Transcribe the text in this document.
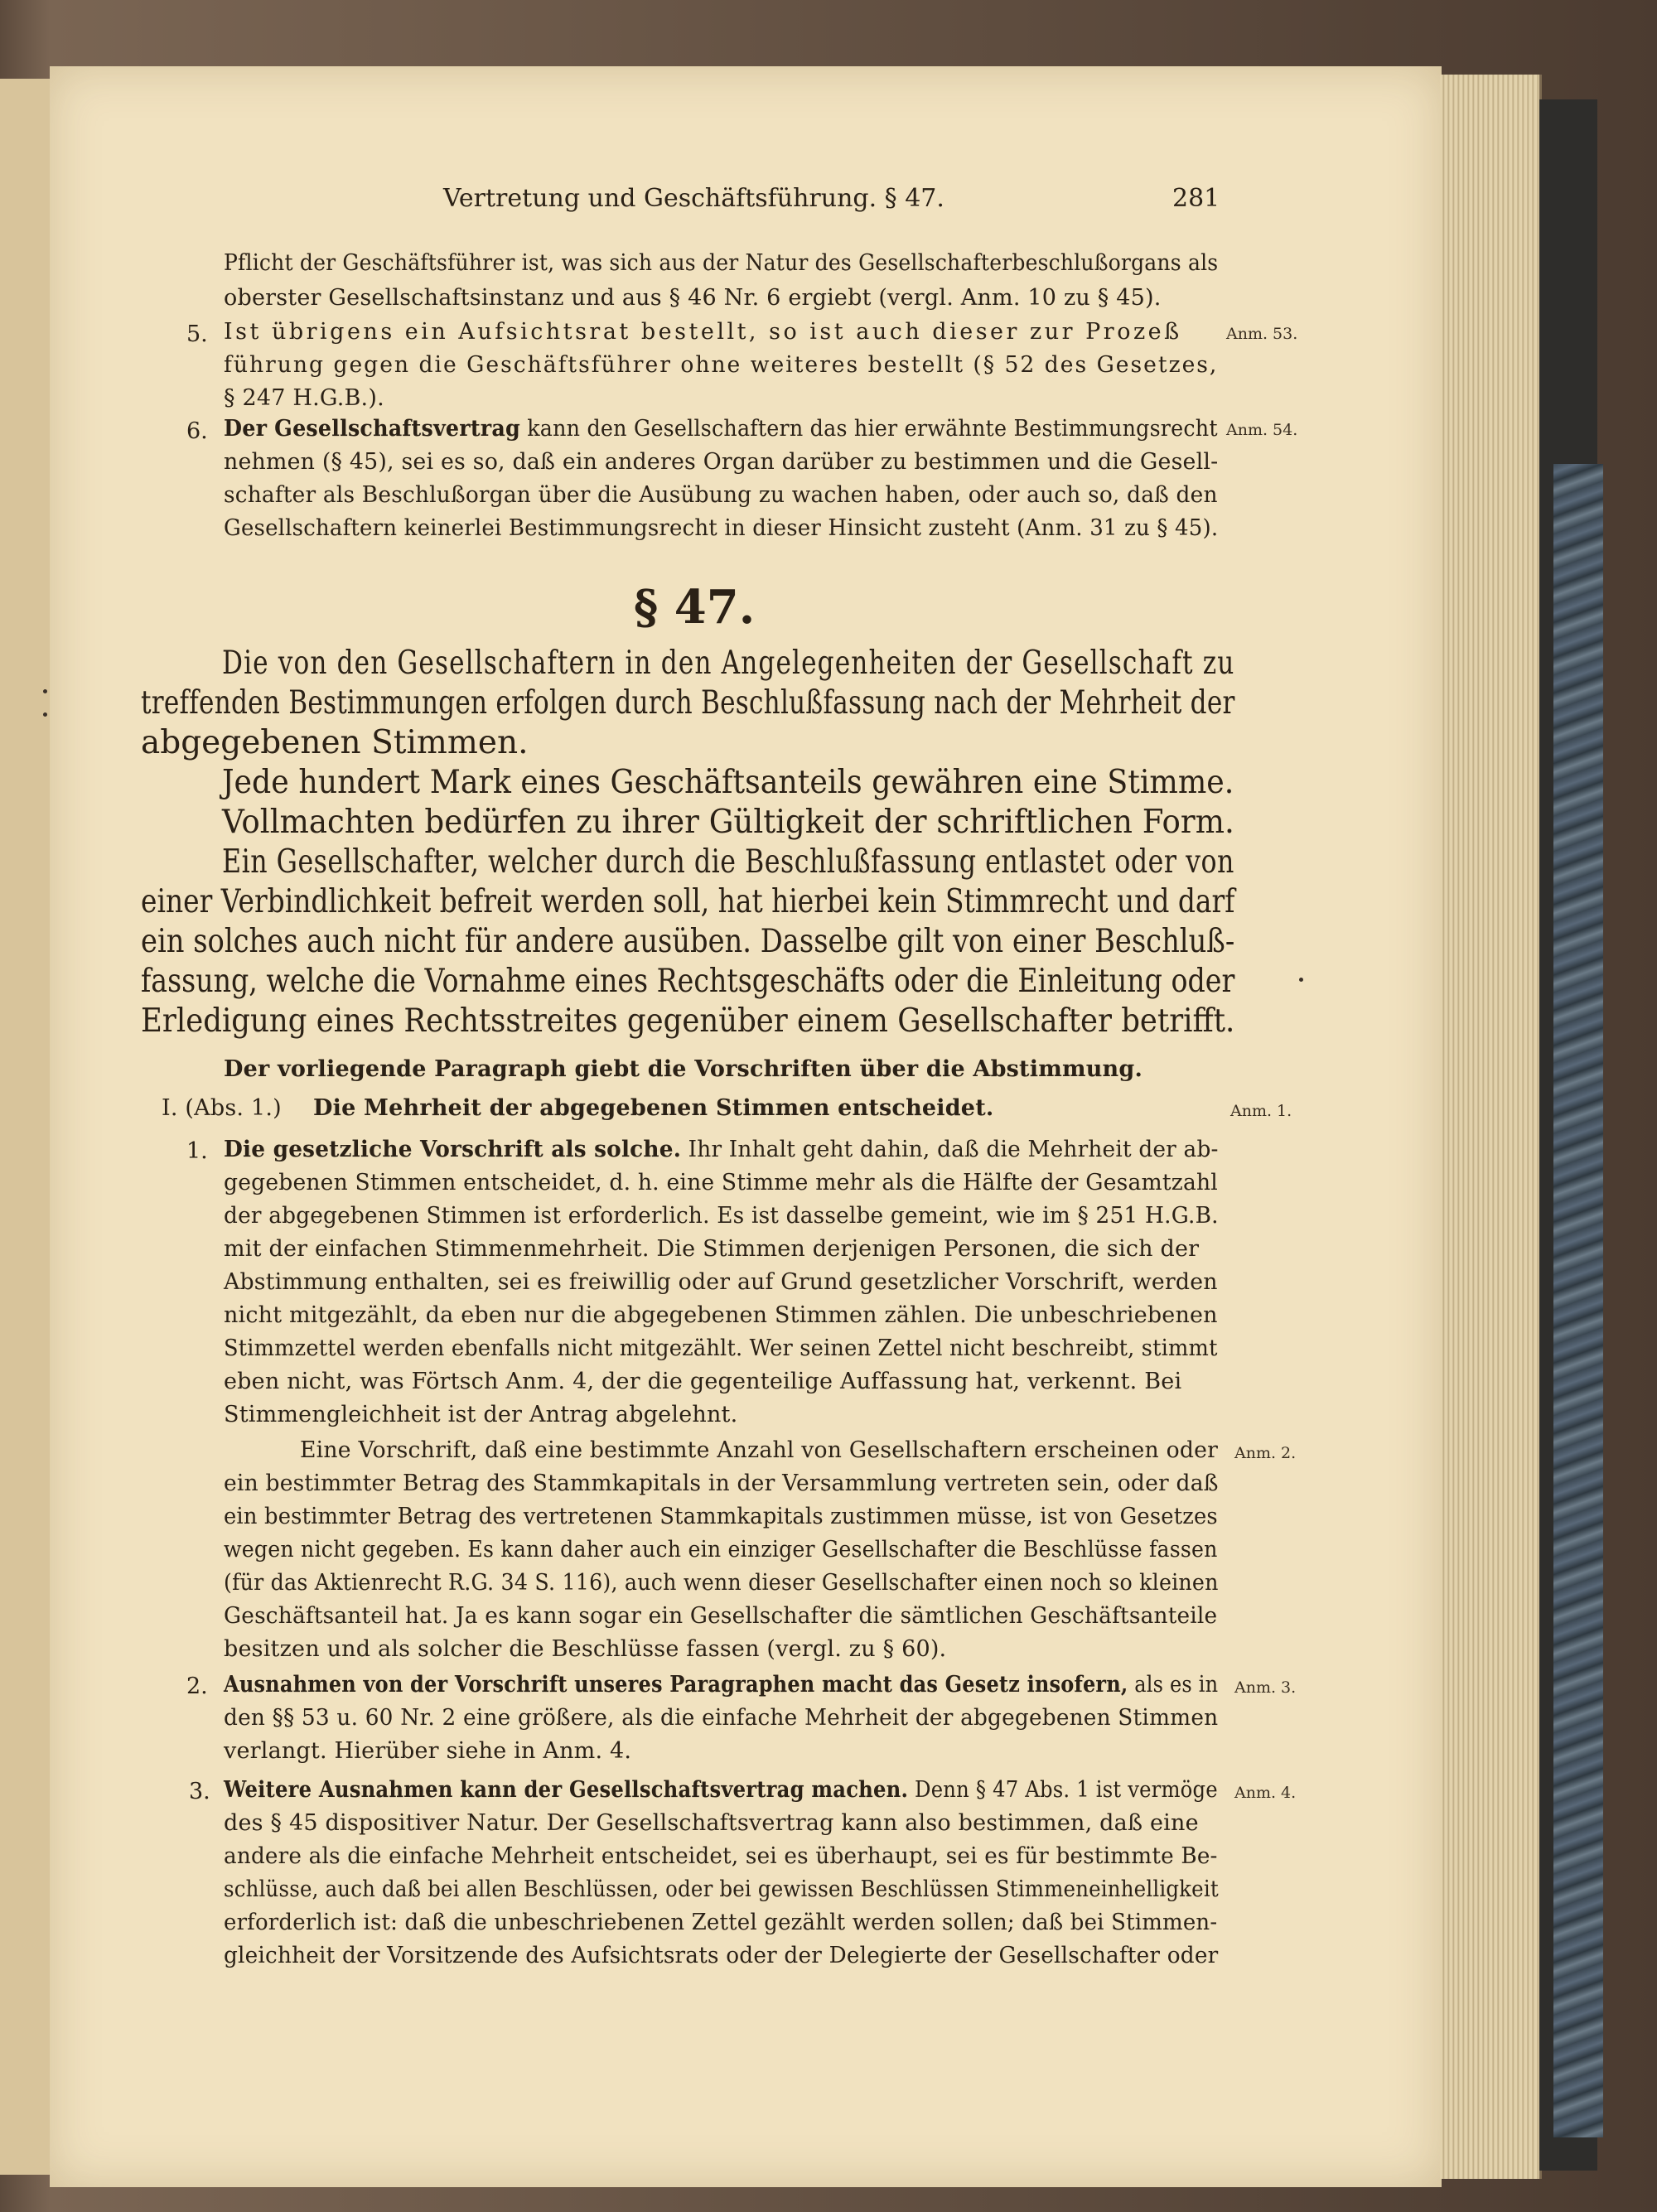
Vertretung und Geschäftsführung. § 47.	281
Pflicht der Geschäftsführer ist, was sich aus der Natur des Gesellschafterbeschlußorgans als
oberster Gesellschaftsinstanz und aus § 46 Nr. 6 ergiebt (vergl. Anm. 10 zu § 45).
5. Ist übrigens ein Aufsichtsrat bestellt, so ist auch dieser zur Prozeß	Anm. 53.
führung gegen die Geschäftsführer ohne weiteres bestellt (§ 52 des Gesetzes,
§ 247 H.G.B.).
6. Der Gesellschaftsvertrag kann den Gesellschaftern das hier erwähnte Bestimmungsrecht Anm. 54.
nehmen (§ 45), sei es so, daß ein anderes Organ darüber zu bestimmen und die Gesell-
schafter als Beschlußorgan über die Ausübung zu wachen haben, oder auch so, daß den
Gesellschaftern keinerlei Bestimmungsrecht in dieser Hinsicht zusteht (Anm. 31 zu § 45).
§ 47.
Die von den Gesellschaftern in den Angelegenheiten der Gesellschaft zu
treffenden Bestimmungen erfolgen durch Beschlußfassung nach der Mehrheit der
abgegebenen Stimmen.
Jede hundert Mark eines Geschäftsanteils gewähren eine Stimme.
Vollmachten bedürfen zu ihrer Gültigkeit der schriftlichen Form.
Ein Gesellschafter, welcher durch die Beschlußfassung entlastet oder von
einer Verbindlichkeit befreit werden soll, hat hierbei kein Stimmrecht und darf
ein solches auch nicht für andere ausüben. Dasselbe gilt von einer Beschluß-
fassung, welche die Vornahme eines Rechtsgeschäfts oder die Einleitung oder
Erledigung eines Rechtsstreites gegenüber einem Gesellschafter betrifft.
Der vorliegende Paragraph giebt die Vorschriften über die Abstimmung.
I. (Abs. 1.) Die Mehrheit der abgegebenen Stimmen entscheidet.	Anm. 1.
1. Die gesetzliche Vorschrift als solche. Ihr Inhalt geht dahin, daß die Mehrheit der ab-
gegebenen Stimmen entscheidet, d. h. eine Stimme mehr als die Hälfte der Gesamtzahl
der abgegebenen Stimmen ist erforderlich. Es ist dasselbe gemeint, wie im § 251 H.G.B.
mit der einfachen Stimmenmehrheit. Die Stimmen derjenigen Personen, die sich der
Abstimmung enthalten, sei es freiwillig oder auf Grund gesetzlicher Vorschrift, werden
nicht mitgezählt, da eben nur die abgegebenen Stimmen zählen. Die unbeschriebenen
Stimmzettel werden ebenfalls nicht mitgezählt. Wer seinen Zettel nicht beschreibt, stimmt
eben nicht, was Förtsch Anm. 4, der die gegenteilige Auffassung hat, verkennt. Bei
Stimmengleichheit ist der Antrag abgelehnt.
Eine Vorschrift, daß eine bestimmte Anzahl von Gesellschaftern erscheinen oder Anm. 2.
ein bestimmter Betrag des Stammkapitals in der Versammlung vertreten sein, oder daß
ein bestimmter Betrag des vertretenen Stammkapitals zustimmen müsse, ist von Gesetzes
wegen nicht gegeben. Es kann daher auch ein einziger Gesellschafter die Beschlüsse fassen
(für das Aktienrecht R.G. 34 S. 116), auch wenn dieser Gesellschafter einen noch so kleinen
Geschäftsanteil hat. Ja es kann sogar ein Gesellschafter die sämtlichen Geschäftsanteile
besitzen und als solcher die Beschlüsse fassen (vergl. zu § 60).
2. Ausnahmen von der Vorschrift unseres Paragraphen macht das Gesetz insofern, als es in Anm. 3.
den §§ 53 u. 60 Nr. 2 eine größere, als die einfache Mehrheit der abgegebenen Stimmen
verlangt. Hierüber siehe in Anm. 4.
3. Weitere Ausnahmen kann der Gesellschaftsvertrag machen. Denn § 47 Abs. 1 ist vermöge Anm. 4.
des § 45 dispositiver Natur. Der Gesellschaftsvertrag kann also bestimmen, daß eine
andere als die einfache Mehrheit entscheidet, sei es überhaupt, sei es für bestimmte Be-
schlüsse, auch daß bei allen Beschlüssen, oder bei gewissen Beschlüssen Stimmeneinhelligkeit
erforderlich ist: daß die unbeschriebenen Zettel gezählt werden sollen; daß bei Stimmen-
gleichheit der Vorsitzende des Aufsichtsrats oder der Delegierte der Gesellschafter oder
